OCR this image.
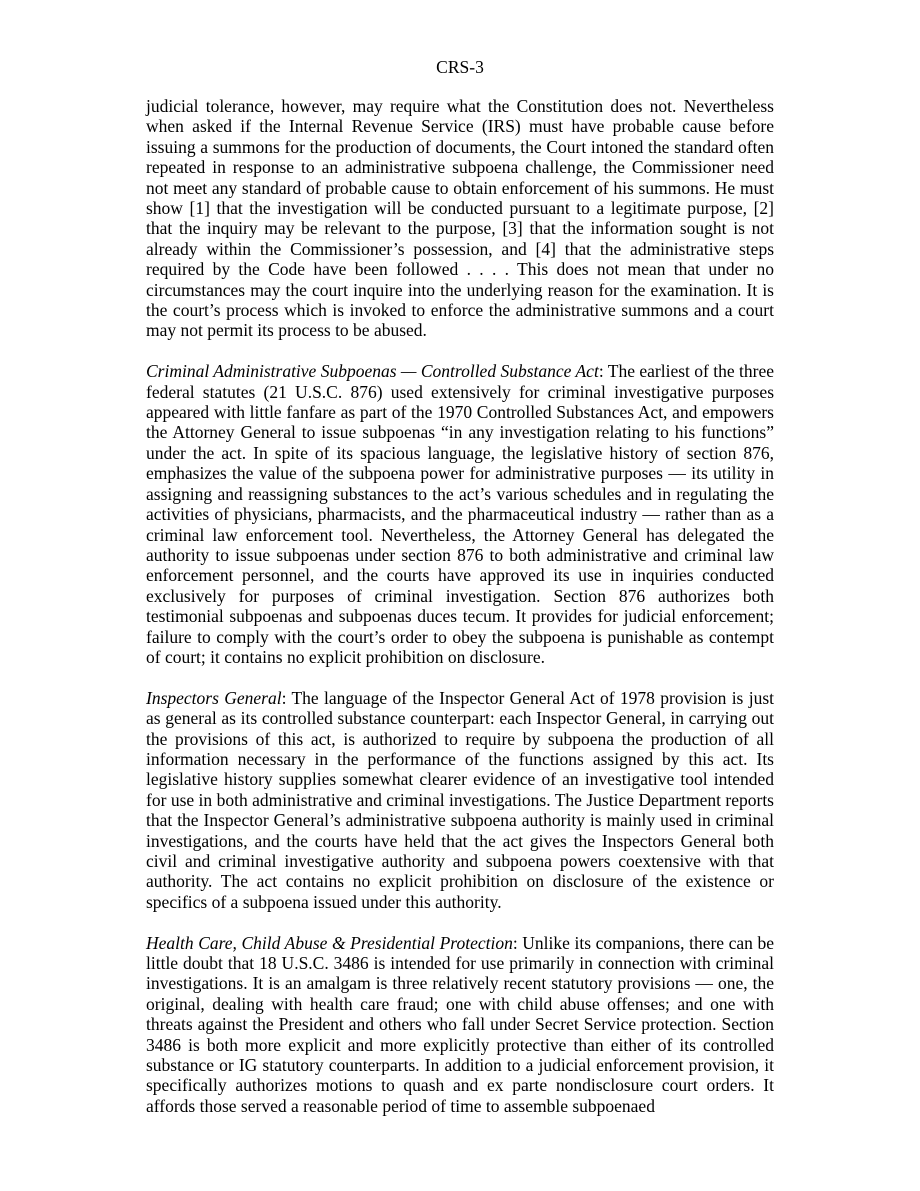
CRS-3

judicial tolerance, however, may require what the Constitution does not. Nevertheless when asked if the Internal Revenue Service (IRS) must have probable cause before issuing a summons for the production of documents, the Court intoned the standard often repeated in response to an administrative subpoena challenge, the Commissioner need not meet any standard of probable cause to obtain enforcement of his summons. He must show [1] that the investigation will be conducted pursuant to a legitimate purpose, [2] that the inquiry may be relevant to the purpose, [3] that the information sought is not already within the Commissioner’s possession, and [4] that the administrative steps required by the Code have been followed . . . . This does not mean that under no circumstances may the court inquire into the underlying reason for the examination. It is the court’s process which is invoked to enforce the administrative summons and a court may not permit its process to be abused.

Criminal Administrative Subpoenas — Controlled Substance Act: The earliest of the three federal statutes (21 U.S.C. 876) used extensively for criminal investigative purposes appeared with little fanfare as part of the 1970 Controlled Substances Act, and empowers the Attorney General to issue subpoenas “in any investigation relating to his functions” under the act. In spite of its spacious language, the legislative history of section 876, emphasizes the value of the subpoena power for administrative purposes — its utility in assigning and reassigning substances to the act’s various schedules and in regulating the activities of physicians, pharmacists, and the pharmaceutical industry — rather than as a criminal law enforcement tool. Nevertheless, the Attorney General has delegated the authority to issue subpoenas under section 876 to both administrative and criminal law enforcement personnel, and the courts have approved its use in inquiries conducted exclusively for purposes of criminal investigation. Section 876 authorizes both testimonial subpoenas and subpoenas duces tecum. It provides for judicial enforcement; failure to comply with the court’s order to obey the subpoena is punishable as contempt of court; it contains no explicit prohibition on disclosure.

Inspectors General: The language of the Inspector General Act of 1978 provision is just as general as its controlled substance counterpart: each Inspector General, in carrying out the provisions of this act, is authorized to require by subpoena the production of all information necessary in the performance of the functions assigned by this act. Its legislative history supplies somewhat clearer evidence of an investigative tool intended for use in both administrative and criminal investigations. The Justice Department reports that the Inspector General’s administrative subpoena authority is mainly used in criminal investigations, and the courts have held that the act gives the Inspectors General both civil and criminal investigative authority and subpoena powers coextensive with that authority. The act contains no explicit prohibition on disclosure of the existence or specifics of a subpoena issued under this authority.

Health Care, Child Abuse & Presidential Protection: Unlike its companions, there can be little doubt that 18 U.S.C. 3486 is intended for use primarily in connection with criminal investigations. It is an amalgam is three relatively recent statutory provisions — one, the original, dealing with health care fraud; one with child abuse offenses; and one with threats against the President and others who fall under Secret Service protection. Section 3486 is both more explicit and more explicitly protective than either of its controlled substance or IG statutory counterparts. In addition to a judicial enforcement provision, it specifically authorizes motions to quash and ex parte nondisclosure court orders. It affords those served a reasonable period of time to assemble subpoenaed
